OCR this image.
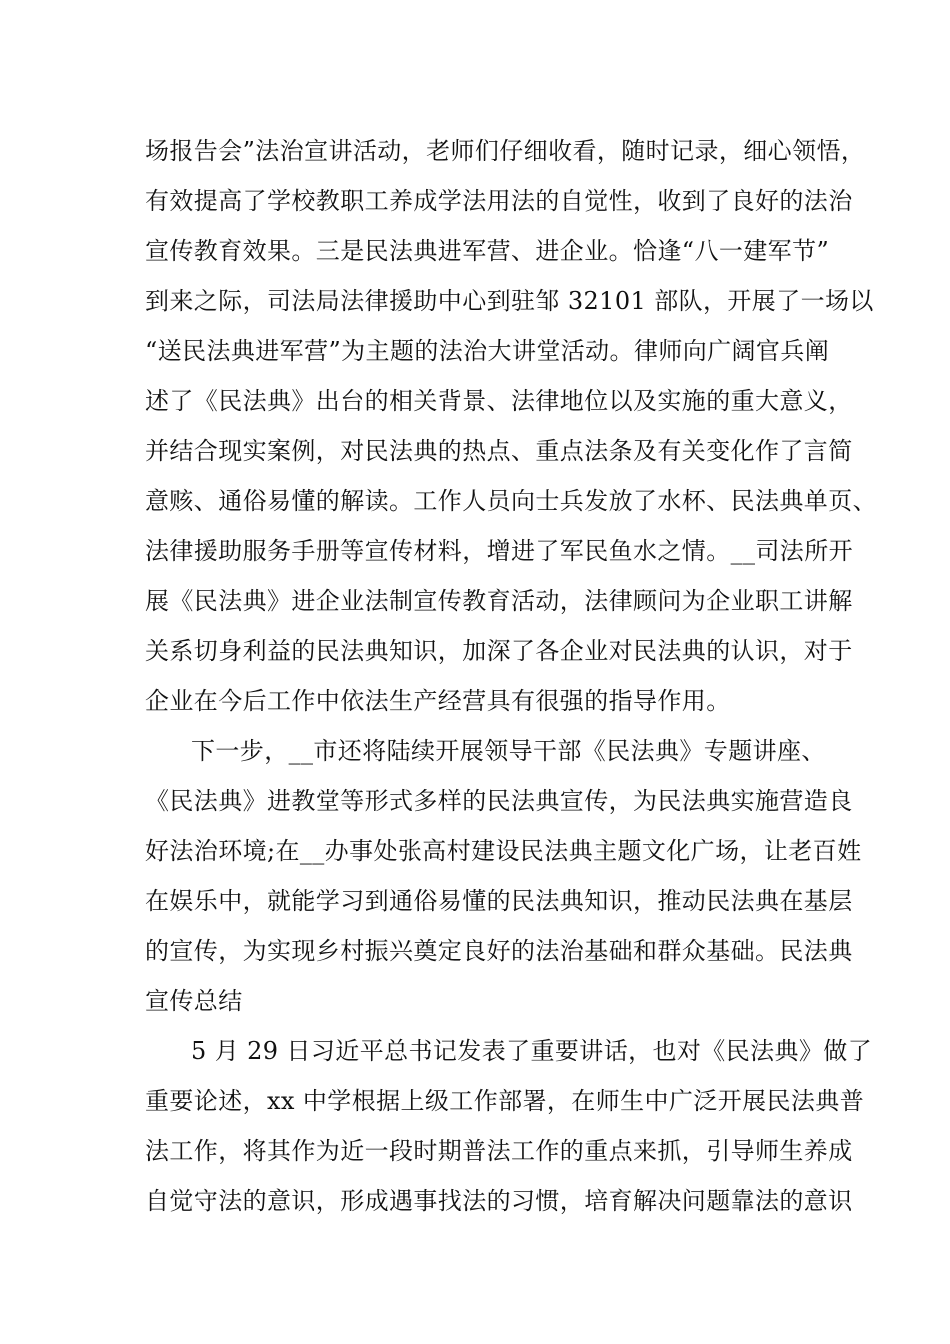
场报告会”法治宣讲活动，老师们仔细收看，随时记录，细心领悟，
有效提高了学校教职工养成学法用法的自觉性，收到了良好的法治
宣传教育效果。三是民法典进军营、进企业。恰逢“八一建军节”
到来之际，司法局法律援助中心到驻邹 32101 部队，开展了一场以
“送民法典进军营”为主题的法治大讲堂活动。律师向广阔官兵阐
述了《民法典》出台的相关背景、法律地位以及实施的重大意义，
并结合现实案例，对民法典的热点、重点法条及有关变化作了言简
意赅、通俗易懂的解读。工作人员向士兵发放了水杯、民法典单页、
法律援助服务手册等宣传材料，增进了军民鱼水之情。__司法所开
展《民法典》进企业法制宣传教育活动，法律顾问为企业职工讲解
关系切身利益的民法典知识，加深了各企业对民法典的认识，对于
企业在今后工作中依法生产经营具有很强的指导作用。
下一步，__市还将陆续开展领导干部《民法典》专题讲座、
《民法典》进教堂等形式多样的民法典宣传，为民法典实施营造良
好法治环境;在__办事处张高村建设民法典主题文化广场，让老百姓
在娱乐中，就能学习到通俗易懂的民法典知识，推动民法典在基层
的宣传，为实现乡村振兴奠定良好的法治基础和群众基础。民法典
宣传总结
5 月 29 日习近平总书记发表了重要讲话，也对《民法典》做了
重要论述，xx 中学根据上级工作部署，在师生中广泛开展民法典普
法工作，将其作为近一段时期普法工作的重点来抓，引导师生养成
自觉守法的意识，形成遇事找法的习惯，培育解决问题靠法的意识
